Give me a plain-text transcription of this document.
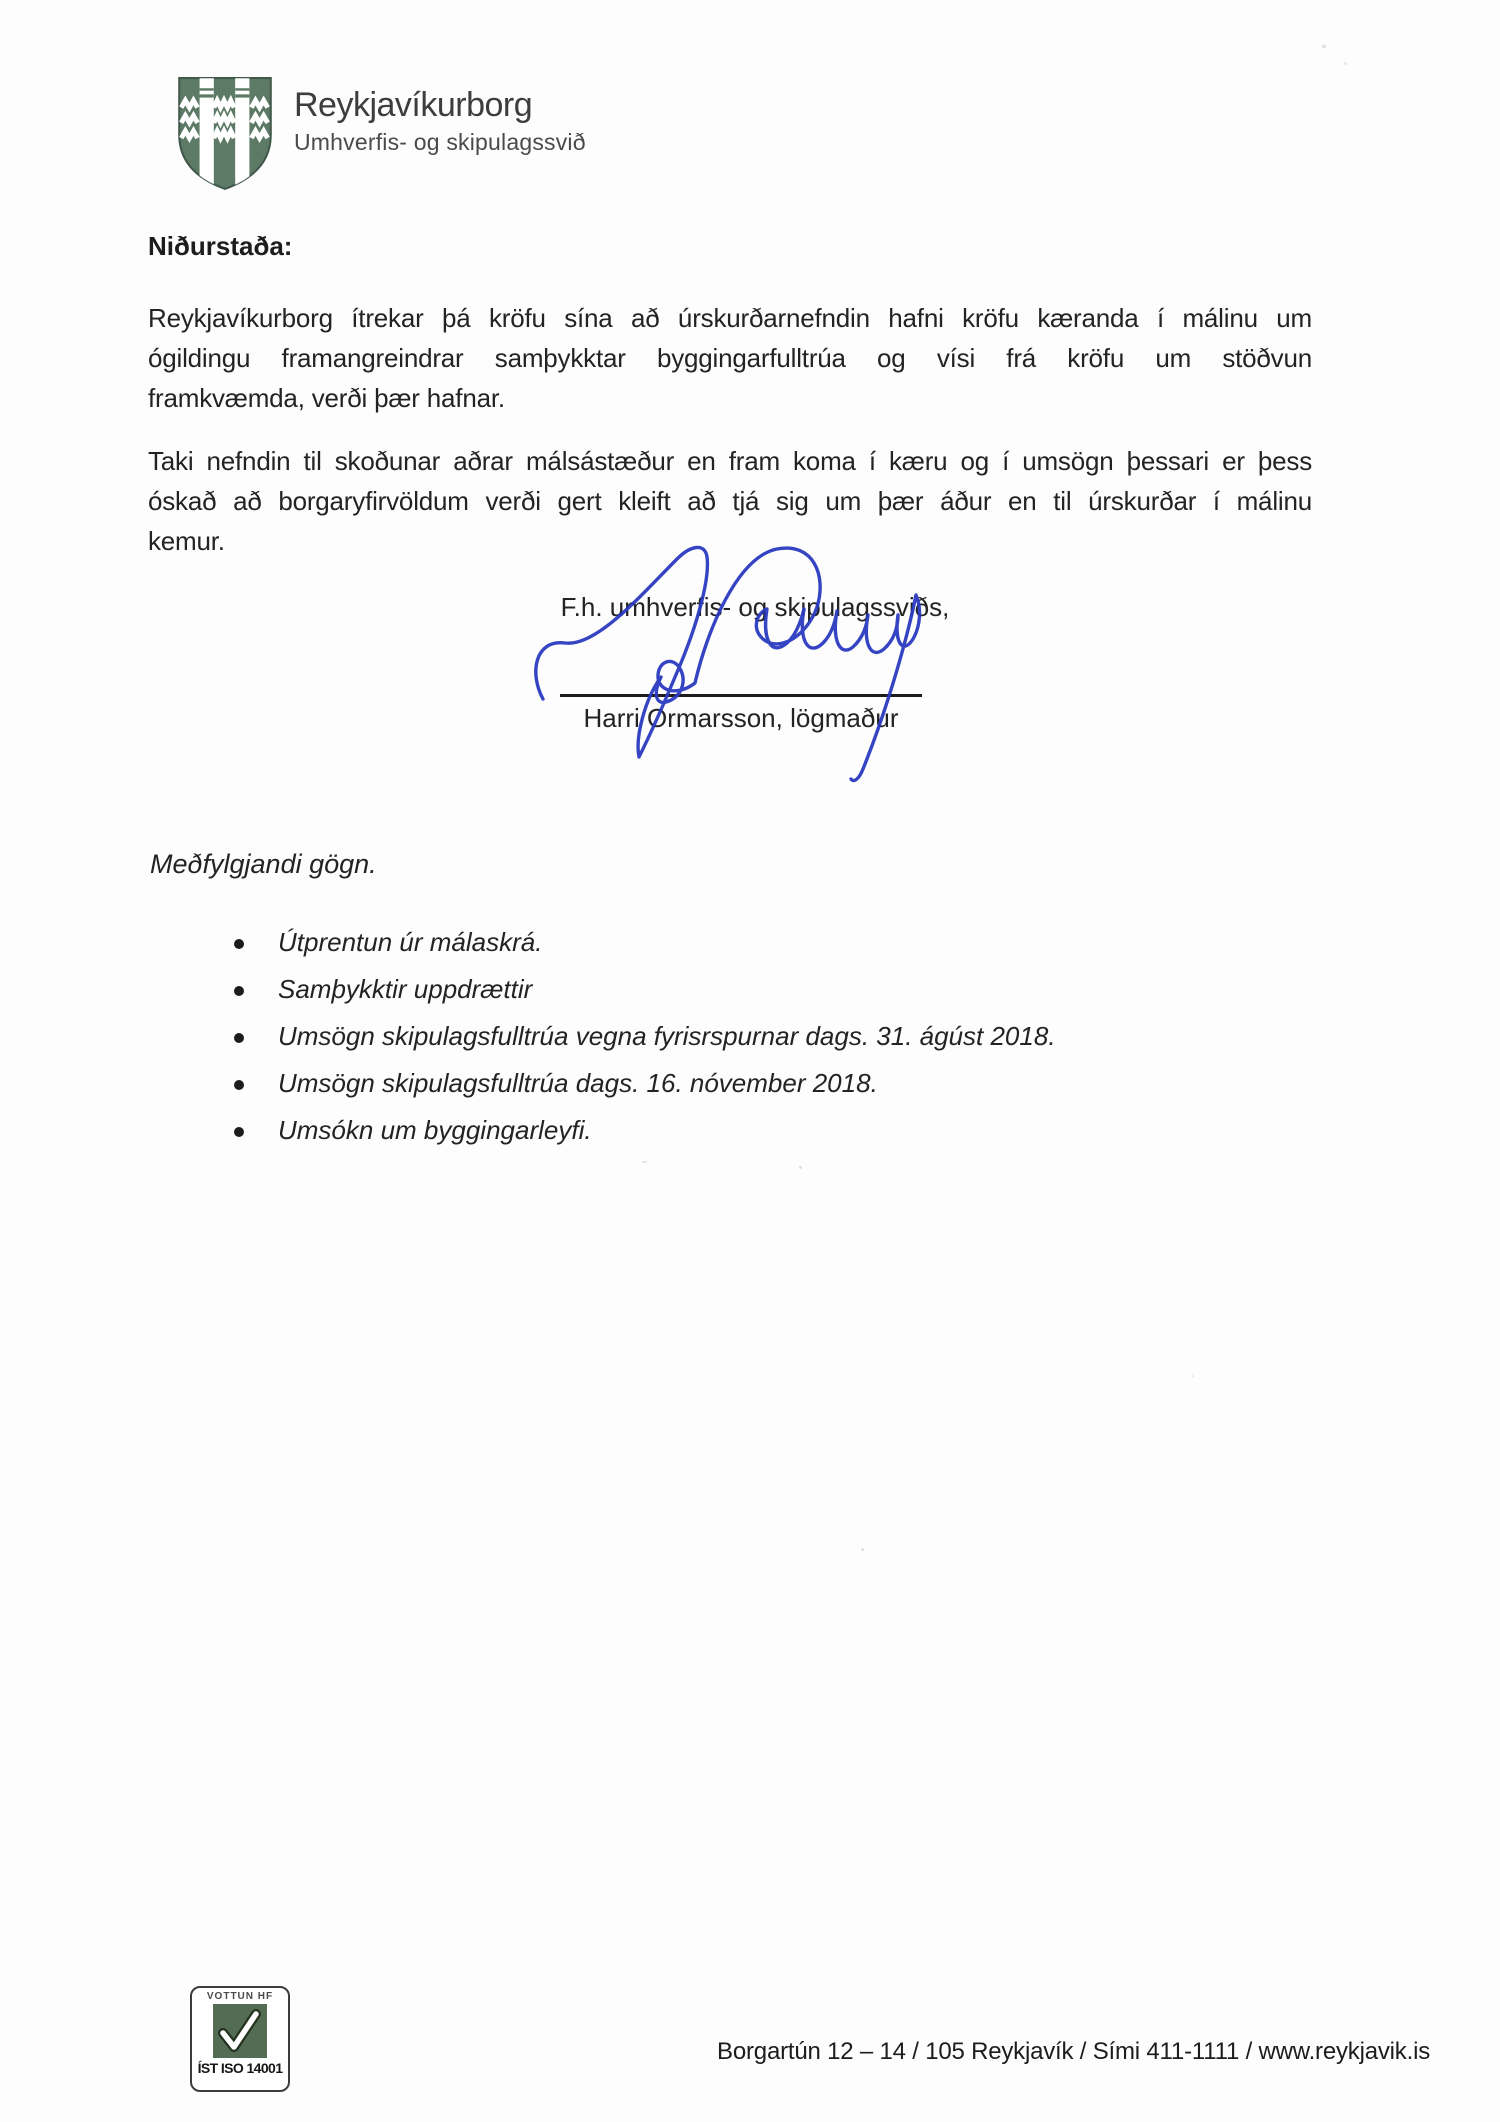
Reykjavíkurborg
Umhverfis- og skipulagssvið
Niðurstaða:
Reykjavíkurborg ítrekar þá kröfu sína að úrskurðarnefndin hafni kröfu kæranda í málinu um
ógildingu framangreindrar samþykktar byggingarfulltrúa og vísi frá kröfu um stöðvun
framkvæmda, verði þær hafnar.
Taki nefndin til skoðunar aðrar málsástæður en fram koma í kæru og í umsögn þessari er þess
óskað að borgaryfirvöldum verði gert kleift að tjá sig um þær áður en til úrskurðar í málinu
kemur.
F.h. umhverfis- og skipulagssviðs,
Harri Ormarsson, lögmaður
Meðfylgjandi gögn.
Útprentun úr málaskrá.
Samþykktir uppdrættir
Umsögn skipulagsfulltrúa vegna fyrisrspurnar dags. 31. ágúst 2018.
Umsögn skipulagsfulltrúa dags. 16. nóvember 2018.
Umsókn um byggingarleyfi.
VOTTUN HF
ÍST ISO 14001
Borgartún 12 – 14 / 105 Reykjavík / Sími 411-1111 / www.reykjavik.is
